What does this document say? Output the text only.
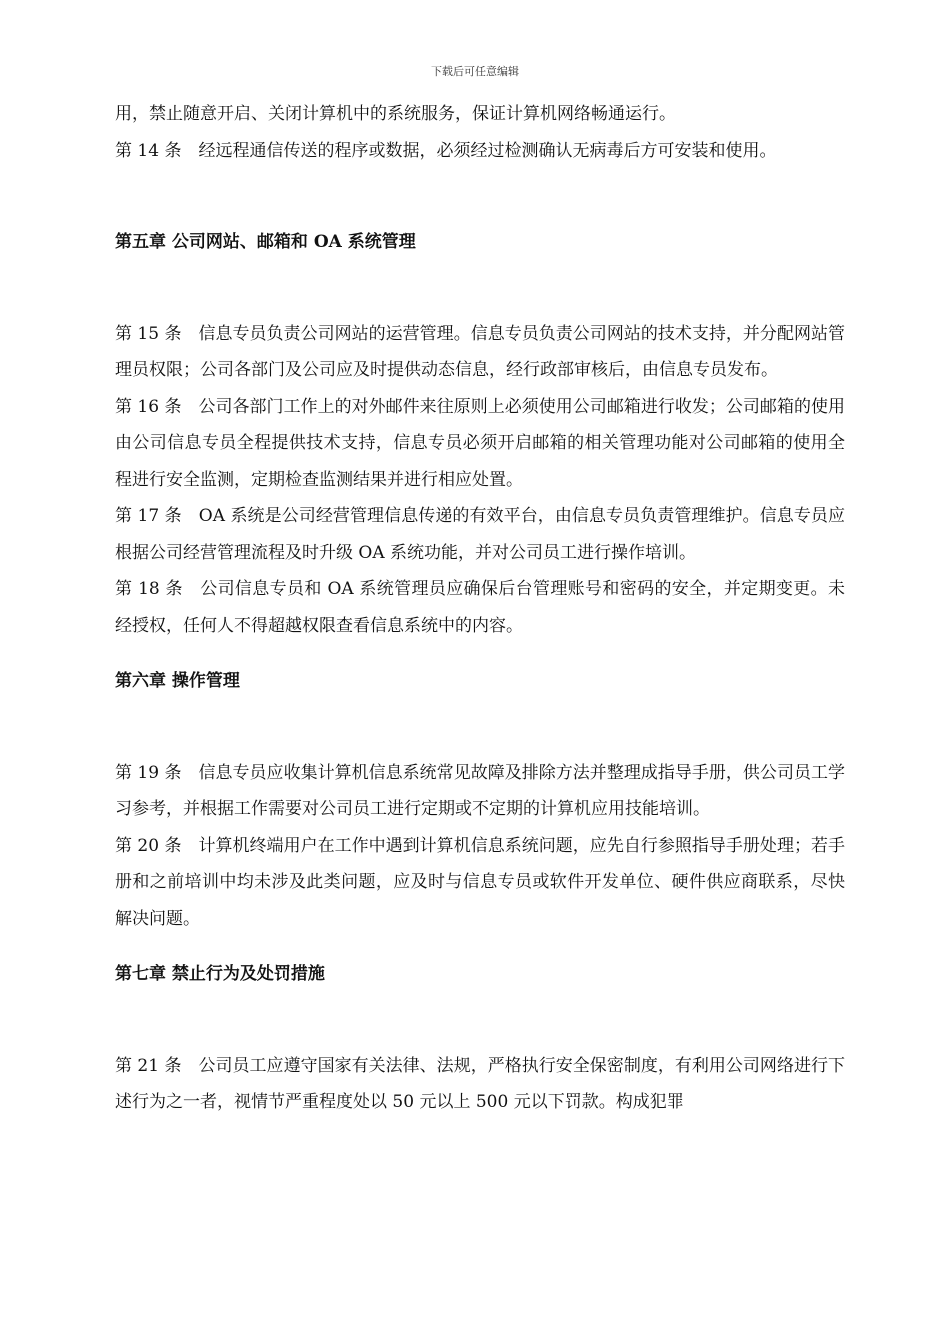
下载后可任意编辑

用，禁止随意开启、关闭计算机中的系统服务，保证计算机网络畅通运行。

第 14 条　经远程通信传送的程序或数据，必须经过检测确认无病毒后方可安装和使用。

第五章 公司网站、邮箱和 OA 系统管理

第 15 条　信息专员负责公司网站的运营管理。信息专员负责公司网站的技术支持，并分配网站管理员权限；公司各部门及公司应及时提供动态信息，经行政部审核后，由信息专员发布。

第 16 条　公司各部门工作上的对外邮件来往原则上必须使用公司邮箱进行收发；公司邮箱的使用由公司信息专员全程提供技术支持，信息专员必须开启邮箱的相关管理功能对公司邮箱的使用全程进行安全监测，定期检查监测结果并进行相应处置。

第 17 条　OA 系统是公司经营管理信息传递的有效平台，由信息专员负责管理维护。信息专员应根据公司经营管理流程及时升级 OA 系统功能，并对公司员工进行操作培训。

第 18 条　公司信息专员和 OA 系统管理员应确保后台管理账号和密码的安全，并定期变更。未经授权，任何人不得超越权限查看信息系统中的内容。

第六章 操作管理

第 19 条　信息专员应收集计算机信息系统常见故障及排除方法并整理成指导手册，供公司员工学习参考，并根据工作需要对公司员工进行定期或不定期的计算机应用技能培训。

第 20 条　计算机终端用户在工作中遇到计算机信息系统问题，应先自行参照指导手册处理；若手册和之前培训中均未涉及此类问题，应及时与信息专员或软件开发单位、硬件供应商联系，尽快解决问题。

第七章 禁止行为及处罚措施

第 21 条　公司员工应遵守国家有关法律、法规，严格执行安全保密制度，有利用公司网络进行下述行为之一者，视情节严重程度处以 50 元以上 500 元以下罚款。构成犯罪
